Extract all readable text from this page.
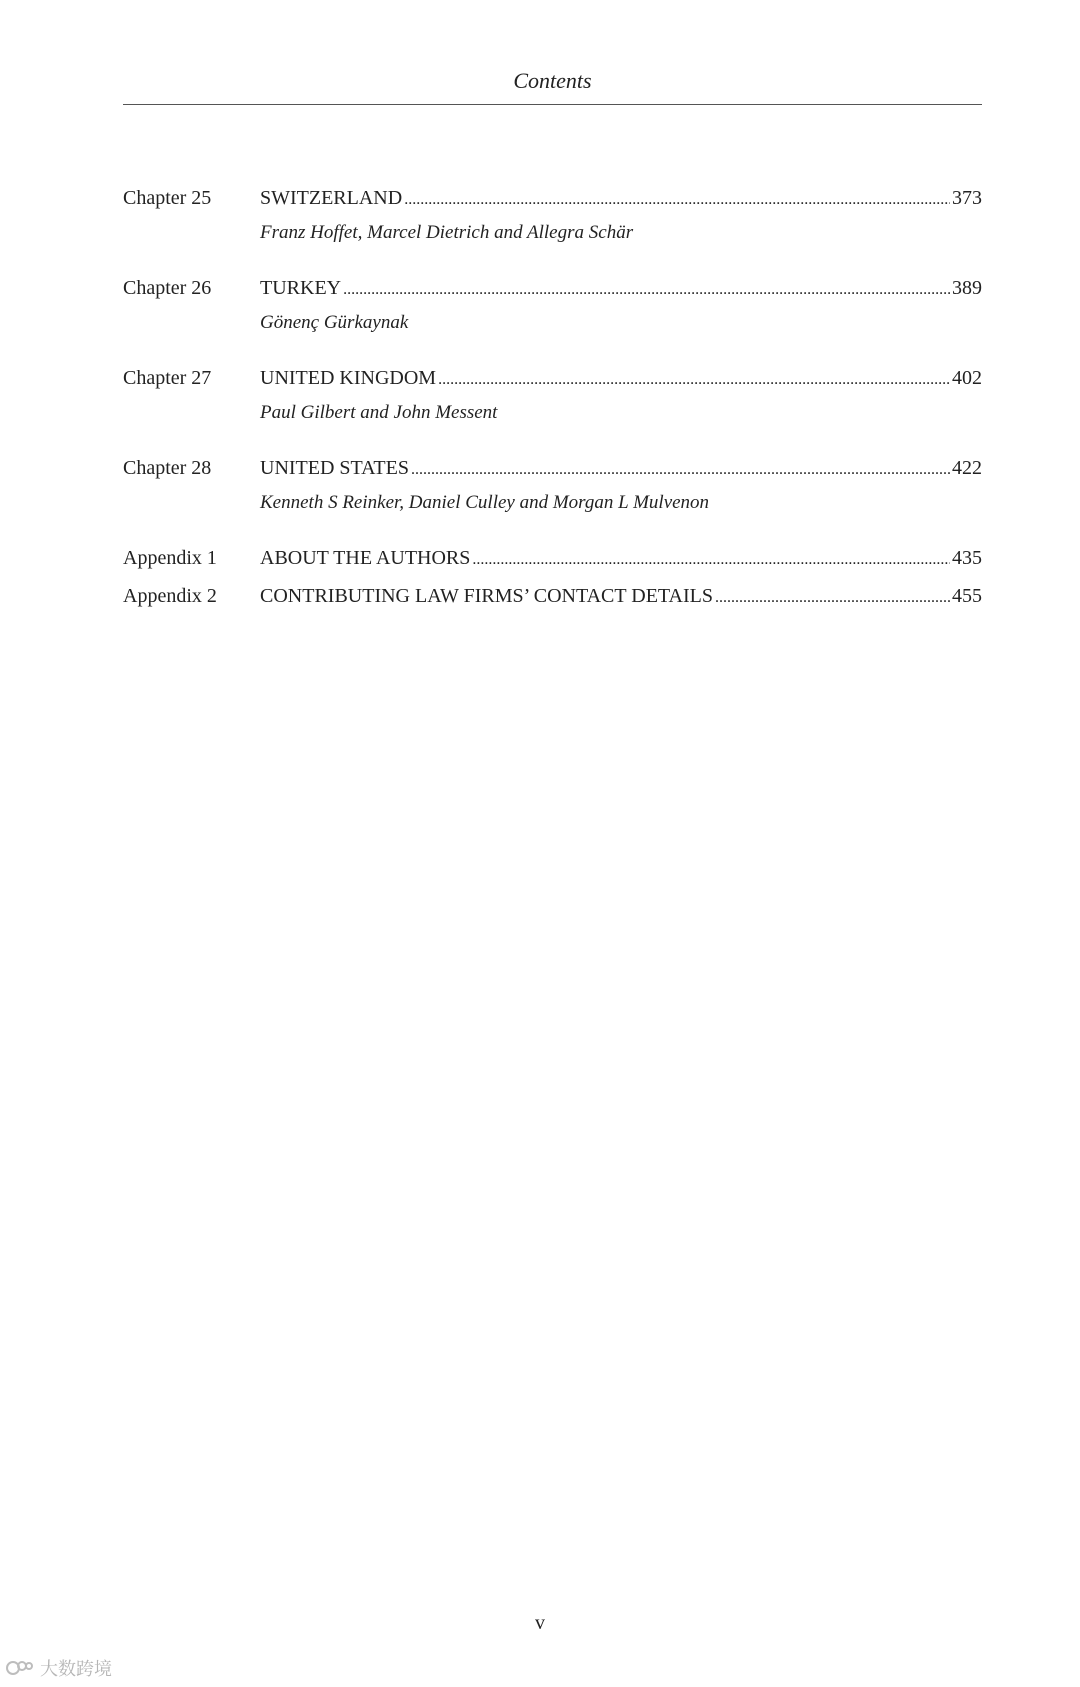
Contents
Chapter 25	SWITZERLAND .....	373
Franz Hoffet, Marcel Dietrich and Allegra Schär
Chapter 26	TURKEY .....	389
Gönenç Gürkaynak
Chapter 27	UNITED KINGDOM .....	402
Paul Gilbert and John Messent
Chapter 28	UNITED STATES .....	422
Kenneth S Reinker, Daniel Culley and Morgan L Mulvenon
Appendix 1	ABOUT THE AUTHORS .....	435
Appendix 2	CONTRIBUTING LAW FIRMS’ CONTACT DETAILS .....	455
v
大数跨境
